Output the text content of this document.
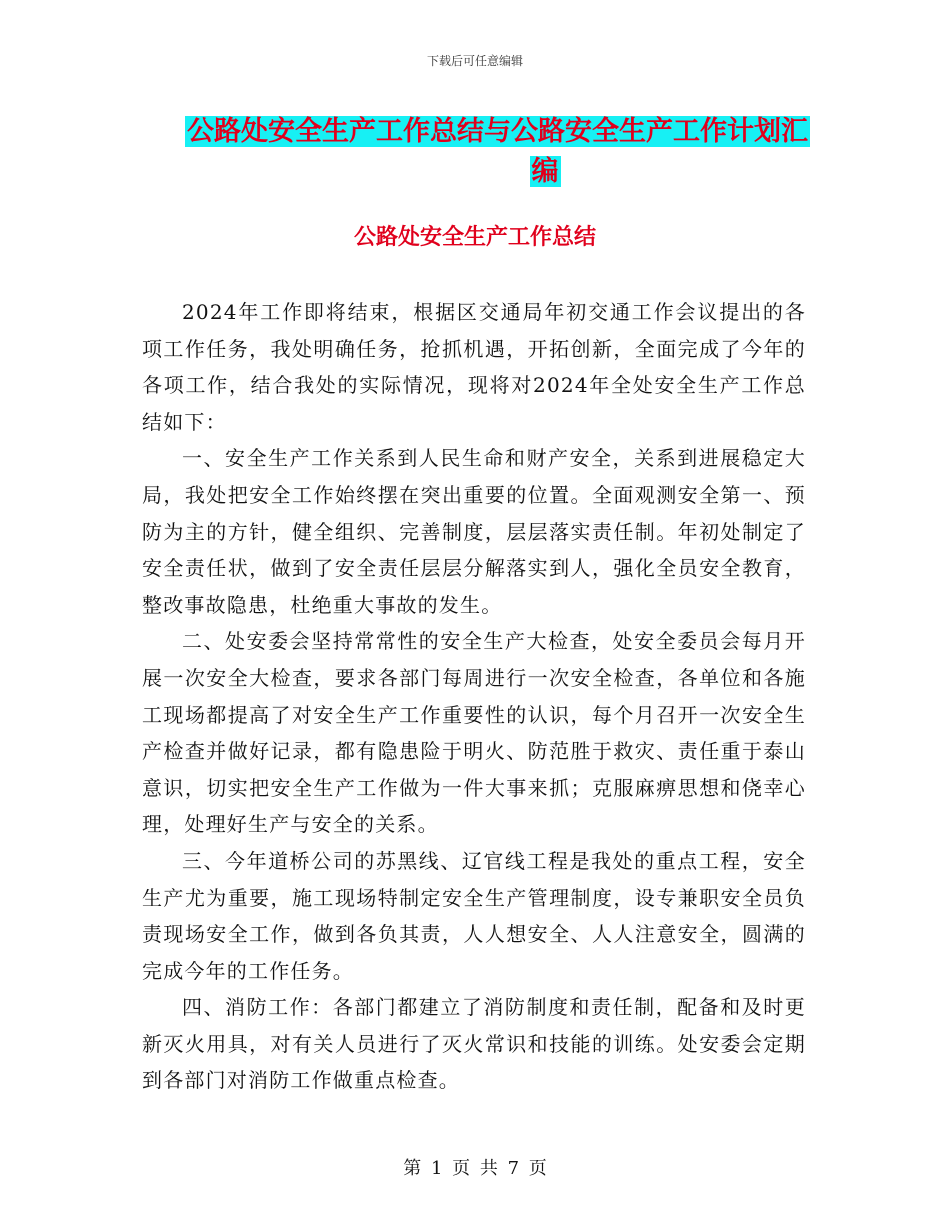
下载后可任意编辑
公路处安全生产工作总结与公路安全生产工作计划汇
编
公路处安全生产工作总结

2024年工作即将结束，根据区交通局年初交通工作会议提出的各项工作任务，我处明确任务，抢抓机遇，开拓创新，全面完成了今年的各项工作，结合我处的实际情况，现将对2024年全处安全生产工作总结如下：

一、安全生产工作关系到人民生命和财产安全，关系到进展稳定大局，我处把安全工作始终摆在突出重要的位置。全面观测安全第一、预防为主的方针，健全组织、完善制度，层层落实责任制。年初处制定了安全责任状，做到了安全责任层层分解落实到人，强化全员安全教育，整改事故隐患，杜绝重大事故的发生。

二、处安委会坚持常常性的安全生产大检查，处安全委员会每月开展一次安全大检查，要求各部门每周进行一次安全检查，各单位和各施工现场都提高了对安全生产工作重要性的认识，每个月召开一次安全生产检查并做好记录，都有隐患险于明火、防范胜于救灾、责任重于泰山意识，切实把安全生产工作做为一件大事来抓；克服麻痹思想和侥幸心理，处理好生产与安全的关系。

三、今年道桥公司的苏黑线、辽官线工程是我处的重点工程，安全生产尤为重要，施工现场特制定安全生产管理制度，设专兼职安全员负责现场安全工作，做到各负其责，人人想安全、人人注意安全，圆满的完成今年的工作任务。

四、消防工作：各部门都建立了消防制度和责任制，配备和及时更新灭火用具，对有关人员进行了灭火常识和技能的训练。处安委会定期到各部门对消防工作做重点检查。

第 1 页 共 7 页
